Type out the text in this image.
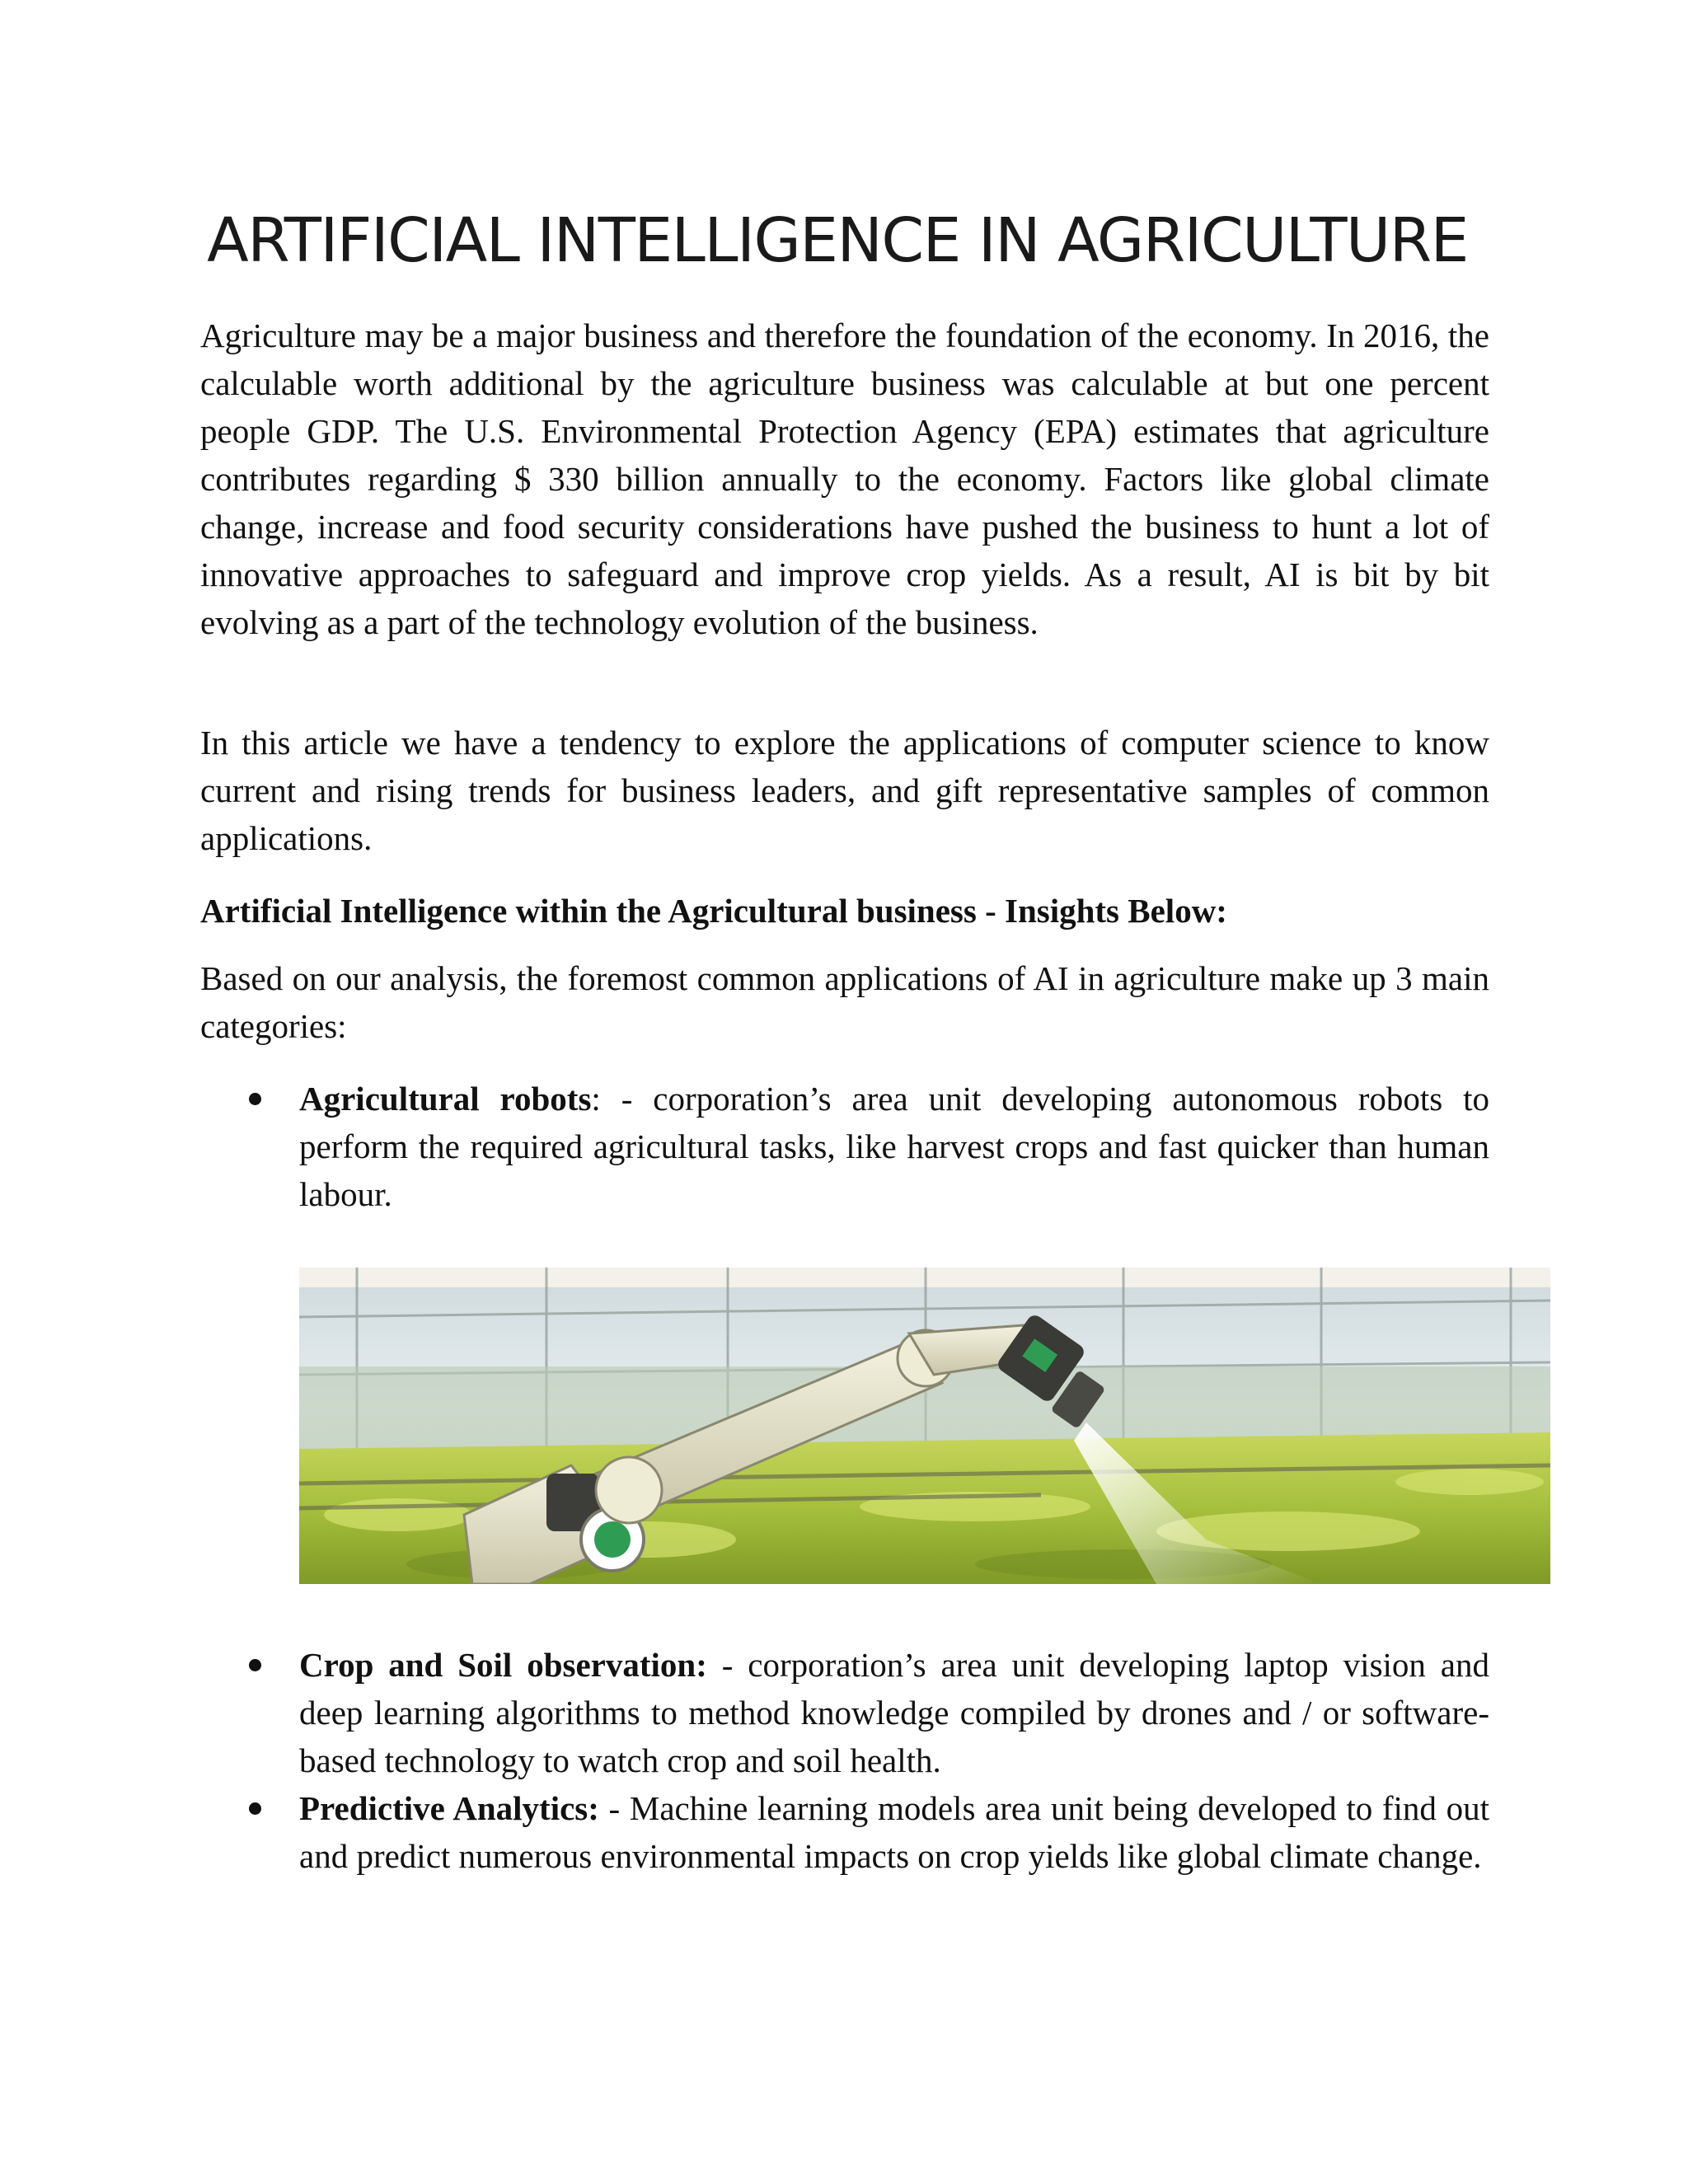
ARTIFICIAL INTELLIGENCE IN AGRICULTURE

Agriculture may be a major business and therefore the foundation of the economy. In 2016, the calculable worth additional by the agriculture business was calculable at but one percent people GDP. The U.S. Environmental Protection Agency (EPA) estimates that agriculture contributes regarding $ 330 billion annually to the economy. Factors like global climate change, increase and food security considerations have pushed the business to hunt a lot of innovative approaches to safeguard and improve crop yields. As a result, AI is bit by bit evolving as a part of the technology evolution of the business.

In this article we have a tendency to explore the applications of computer science to know current and rising trends for business leaders, and gift representative samples of common applications.

Artificial Intelligence within the Agricultural business - Insights Below:

Based on our analysis, the foremost common applications of AI in agriculture make up 3 main categories:

Agricultural robots: - corporation’s area unit developing autonomous robots to perform the required agricultural tasks, like harvest crops and fast quicker than human labour.
Crop and Soil observation: - corporation’s area unit developing laptop vision and deep learning algorithms to method knowledge compiled by drones and / or software-based technology to watch crop and soil health.
Predictive Analytics: - Machine learning models area unit being developed to find out and predict numerous environmental impacts on crop yields like global climate change.
